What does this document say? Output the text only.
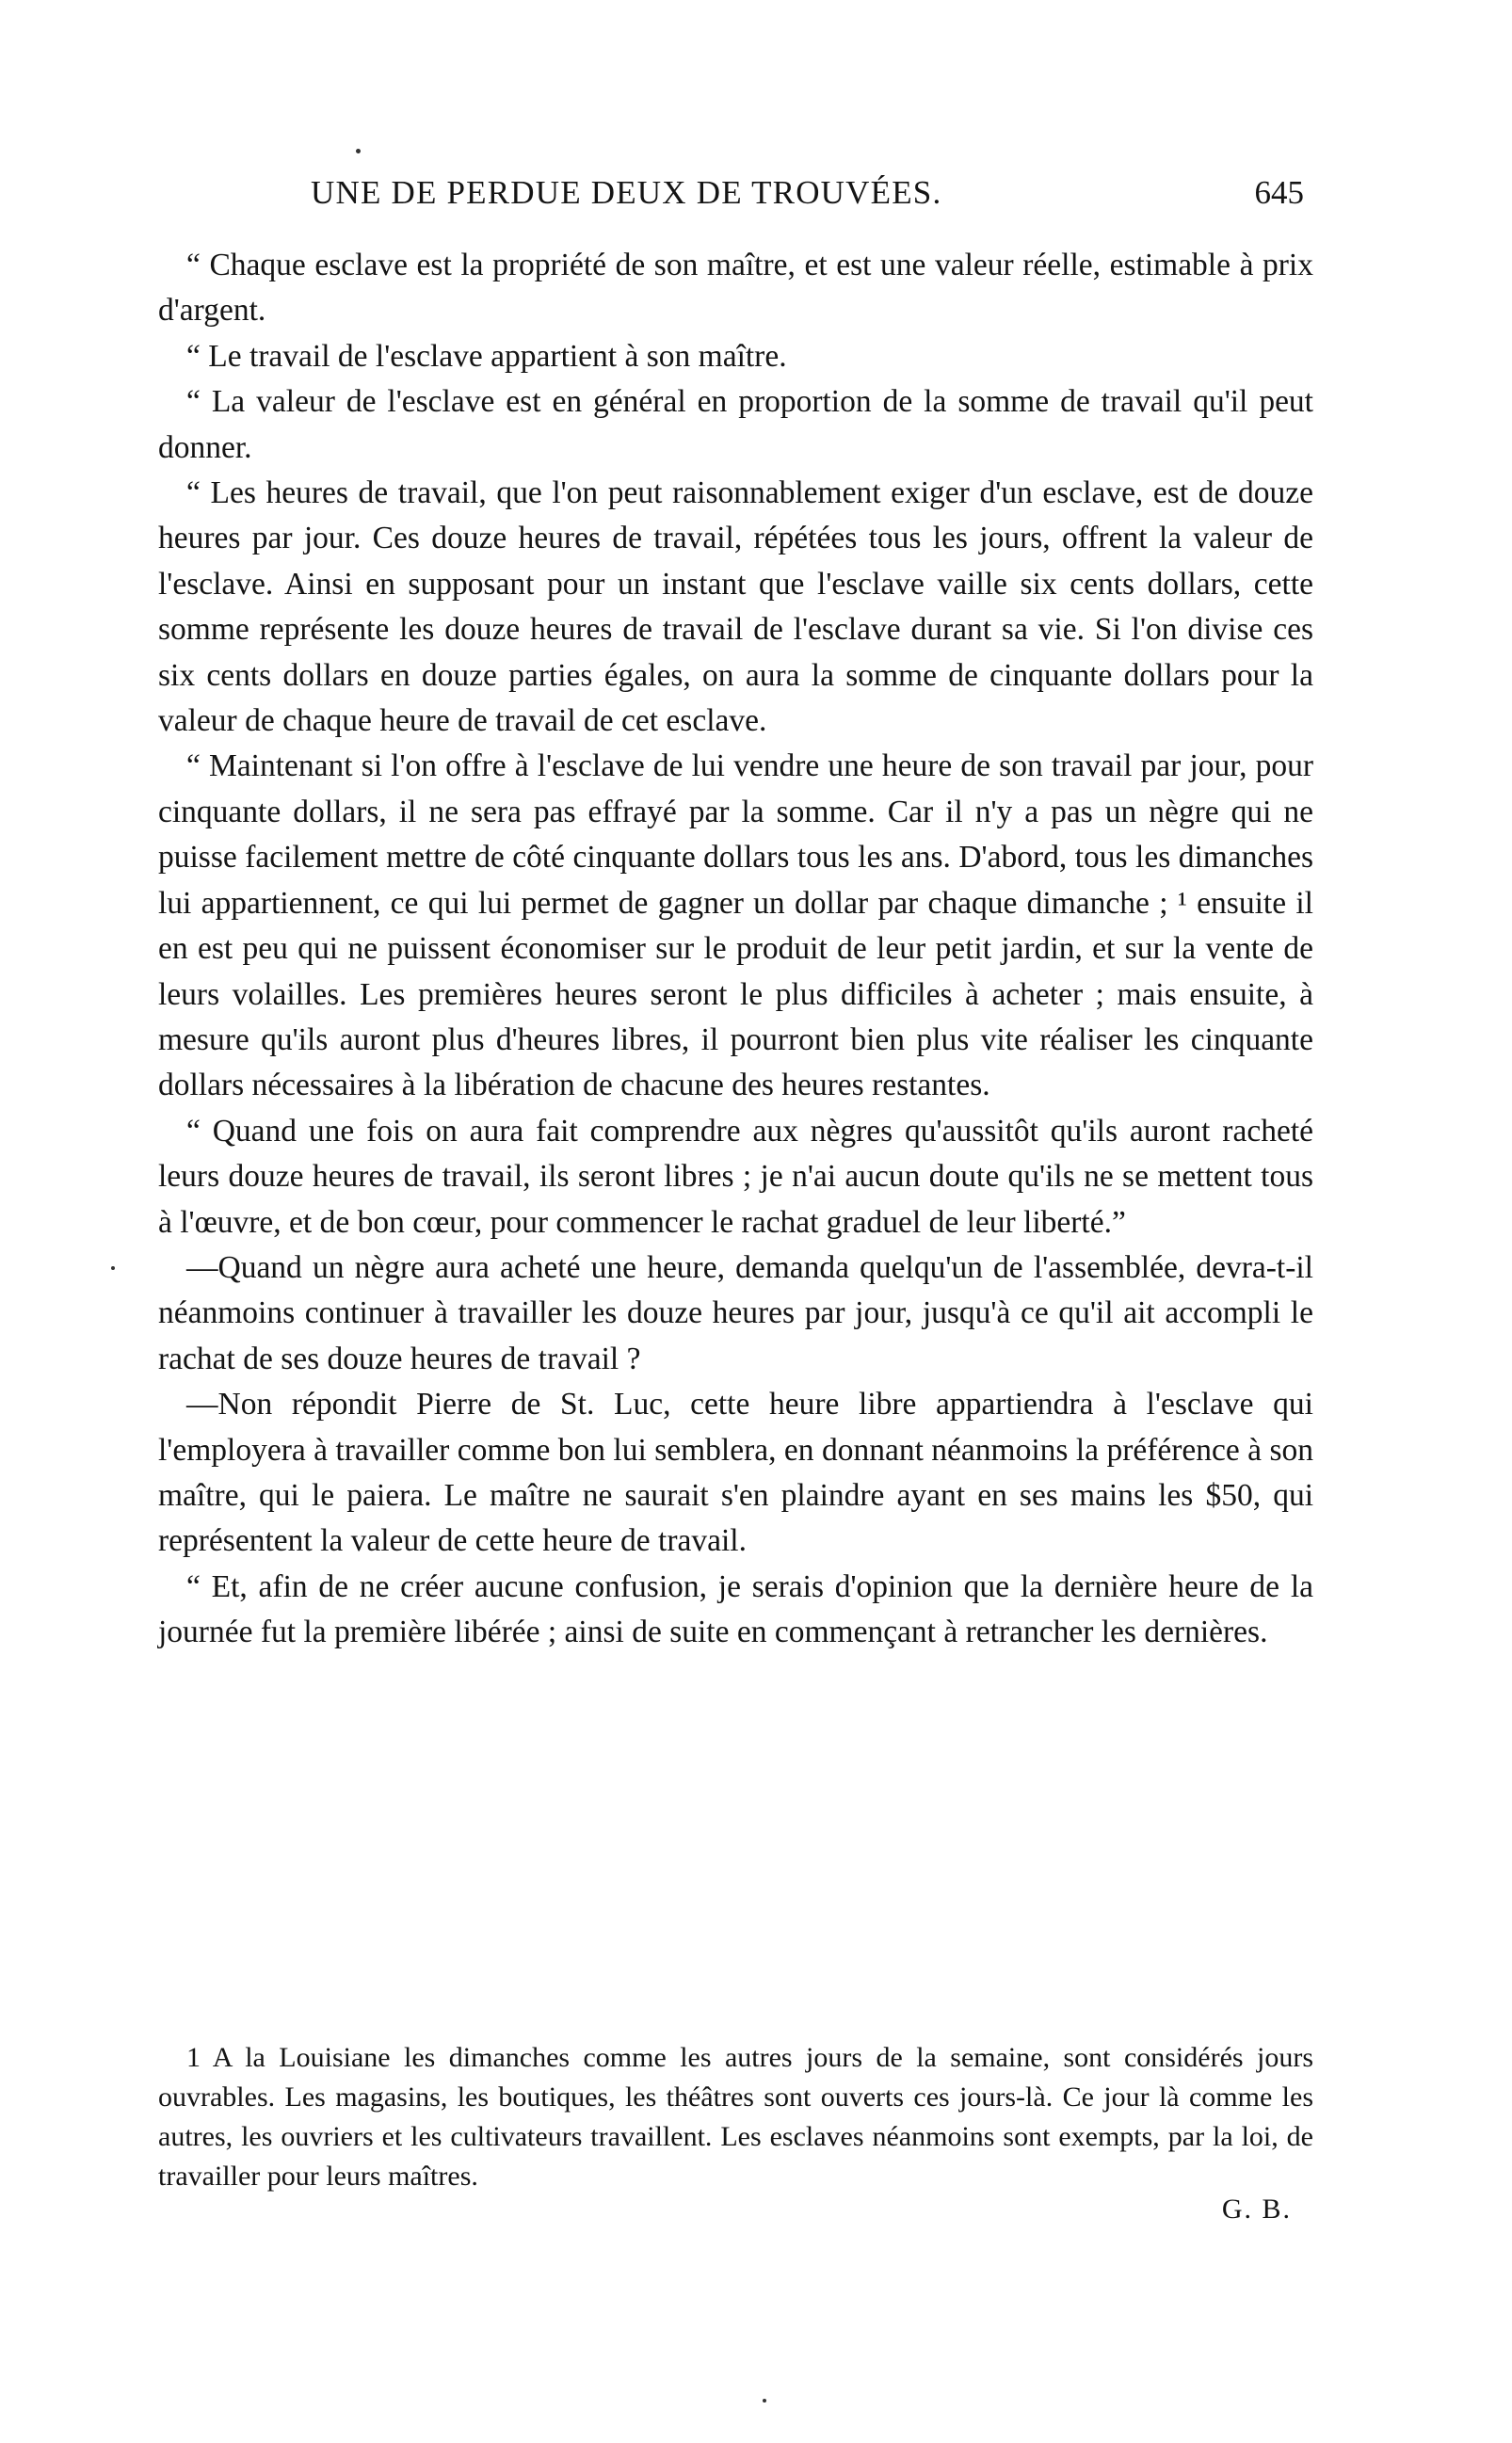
UNE DE PERDUE DEUX DE TROUVÉES.	645

“ Chaque esclave est la propriété de son maître, et est une valeur réelle, estimable à prix d'argent.

“ Le travail de l'esclave appartient à son maître.

“ La valeur de l'esclave est en général en proportion de la somme de travail qu'il peut donner.

“ Les heures de travail, que l'on peut raisonnablement exiger d'un esclave, est de douze heures par jour. Ces douze heures de travail, répétées tous les jours, offrent la valeur de l'esclave. Ainsi en supposant pour un instant que l'esclave vaille six cents dollars, cette somme représente les douze heures de travail de l'esclave durant sa vie. Si l'on divise ces six cents dollars en douze parties égales, on aura la somme de cinquante dollars pour la valeur de chaque heure de travail de cet esclave.

“ Maintenant si l'on offre à l'esclave de lui vendre une heure de son travail par jour, pour cinquante dollars, il ne sera pas effrayé par la somme. Car il n'y a pas un nègre qui ne puisse facilement mettre de côté cinquante dollars tous les ans. D'abord, tous les dimanches lui appartiennent, ce qui lui permet de gagner un dollar par chaque dimanche ; ¹ ensuite il en est peu qui ne puissent économiser sur le produit de leur petit jardin, et sur la vente de leurs volailles. Les premières heures seront le plus difficiles à acheter ; mais ensuite, à mesure qu'ils auront plus d'heures libres, il pourront bien plus vite réaliser les cinquante dollars nécessaires à la libération de chacune des heures restantes.

“ Quand une fois on aura fait comprendre aux nègres qu'aussitôt qu'ils auront racheté leurs douze heures de travail, ils seront libres ; je n'ai aucun doute qu'ils ne se mettent tous à l'œuvre, et de bon cœur, pour commencer le rachat graduel de leur liberté.”

—Quand un nègre aura acheté une heure, demanda quelqu'un de l'assemblée, devra-t-il néanmoins continuer à travailler les douze heures par jour, jusqu'à ce qu'il ait accompli le rachat de ses douze heures de travail ?

—Non répondit Pierre de St. Luc, cette heure libre appartiendra à l'esclave qui l'employera à travailler comme bon lui semblera, en donnant néanmoins la préférence à son maître, qui le paiera. Le maître ne saurait s'en plaindre ayant en ses mains les $50, qui représentent la valeur de cette heure de travail.

“ Et, afin de ne créer aucune confusion, je serais d'opinion que la dernière heure de la journée fut la première libérée ; ainsi de suite en commençant à retrancher les dernières.

1 A la Louisiane les dimanches comme les autres jours de la semaine, sont considérés jours ouvrables. Les magasins, les boutiques, les théâtres sont ouverts ces jours-là. Ce jour là comme les autres, les ouvriers et les cultivateurs travaillent. Les esclaves néanmoins sont exempts, par la loi, de travailler pour leurs maîtres.

G. B.
